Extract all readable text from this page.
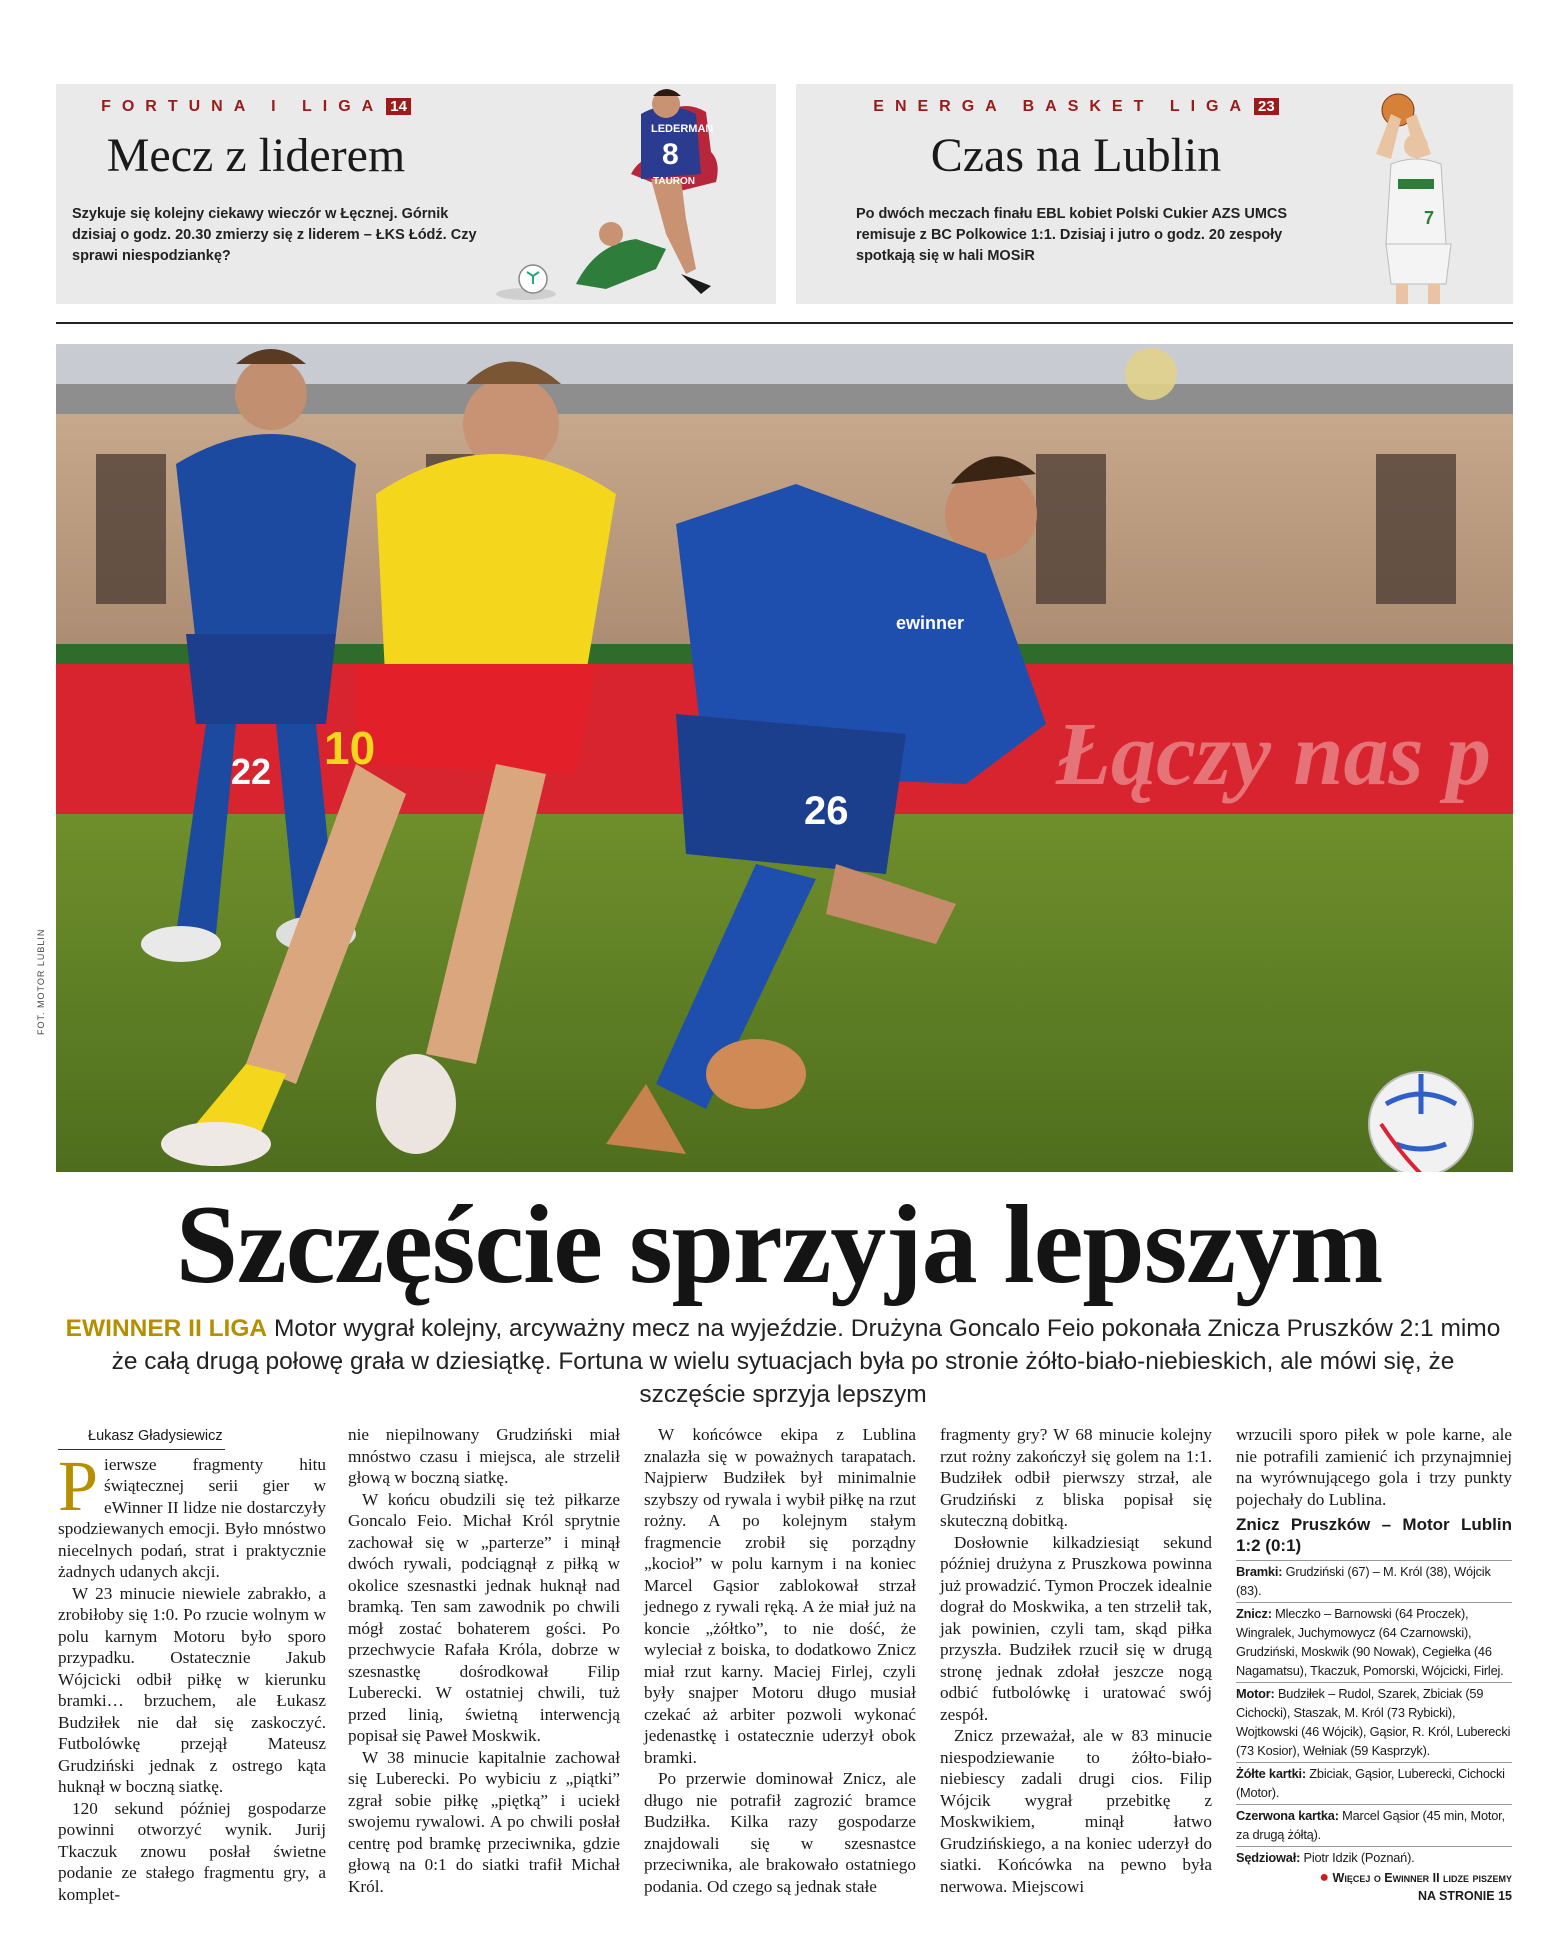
FORTUNA I LIGA 14
Mecz z liderem
Szykuje się kolejny ciekawy wieczór w Łęcznej. Górnik dzisiaj o godz. 20.30 zmierzy się z liderem – ŁKS Łódź. Czy sprawi niespodziankę?
LEDERMAN
8
TAURON
ENERGA BASKET LIGA 23
Czas na Lublin
Po dwóch meczach finału EBL kobiet Polski Cukier AZS UMCS remisuje z BC Polkowice 1:1. Dzisiaj i jutro o godz. 20 zespoły spotkają się w hali MOSiR
7
Łączy nas p
22 10
26
ewinner
FOT. MOTOR LUBLIN
Szczęście sprzyja lepszym
EWINNER II LIGA Motor wygrał kolejny, arcyważny mecz na wyjeździe. Drużyna Goncalo Feio pokonała Znicza Pruszków 2:1 mimo że całą drugą połowę grała w dziesiątkę. Fortuna w wielu sytuacjach była po stronie żółto-biało-niebieskich, ale mówi się, że szczęście sprzyja lepszym
Łukasz Gładysiewicz

Pierwsze fragmenty hitu świątecznej serii gier w eWinner II lidze nie dostarczyły spodziewanych emocji. Było mnóstwo niecelnych podań, strat i praktycznie żadnych udanych akcji.

W 23 minucie niewiele zabrakło, a zrobiłoby się 1:0. Po rzucie wolnym w polu karnym Motoru było sporo przypadku. Ostatecznie Jakub Wójcicki odbił piłkę w kierunku bramki… brzuchem, ale Łukasz Budziłek nie dał się zaskoczyć. Futbolówkę przejął Mateusz Grudziński jednak z ostrego kąta huknął w boczną siatkę.

120 sekund później gospodarze powinni otworzyć wynik. Jurij Tkaczuk znowu posłał świetne podanie ze stałego fragmentu gry, a komplet-

nie niepilnowany Grudziński miał mnóstwo czasu i miejsca, ale strzelił głową w boczną siatkę.

W końcu obudzili się też piłkarze Goncalo Feio. Michał Król sprytnie zachował się w „parterze” i minął dwóch rywali, podciągnął z piłką w okolice szesnastki jednak huknął nad bramką. Ten sam zawodnik po chwili mógł zostać bohaterem gości. Po przechwycie Rafała Króla, dobrze w szesnastkę dośrodkował Filip Luberecki. W ostatniej chwili, tuż przed linią, świetną interwencją popisał się Paweł Moskwik.

W 38 minucie kapitalnie zachował się Luberecki. Po wybiciu z „piątki” zgrał sobie piłkę „piętką” i uciekł swojemu rywalowi. A po chwili posłał centrę pod bramkę przeciwnika, gdzie głową na 0:1 do siatki trafił Michał Król.

W końcówce ekipa z Lublina znalazła się w poważnych tarapatach. Najpierw Budziłek był minimalnie szybszy od rywala i wybił piłkę na rzut rożny. A po kolejnym stałym fragmencie zrobił się porządny „kocioł” w polu karnym i na koniec Marcel Gąsior zablokował strzał jednego z rywali ręką. A że miał już na koncie „żółtko”, to nie dość, że wyleciał z boiska, to dodatkowo Znicz miał rzut karny. Maciej Firlej, czyli były snajper Motoru długo musiał czekać aż arbiter pozwoli wykonać jedenastkę i ostatecznie uderzył obok bramki.

Po przerwie dominował Znicz, ale długo nie potrafił zagrozić bramce Budziłka. Kilka razy gospodarze znajdowali się w szesnastce przeciwnika, ale brakowało ostatniego podania. Od czego są jednak stałe

fragmenty gry? W 68 minucie kolejny rzut rożny zakończył się golem na 1:1. Budziłek odbił pierwszy strzał, ale Grudziński z bliska popisał się skuteczną dobitką.

Dosłownie kilkadziesiąt sekund później drużyna z Pruszkowa powinna już prowadzić. Tymon Proczek idealnie dograł do Moskwika, a ten strzelił tak, jak powinien, czyli tam, skąd piłka przyszła. Budziłek rzucił się w drugą stronę jednak zdołał jeszcze nogą odbić futbolówkę i uratować swój zespół.

Znicz przeważał, ale w 83 minucie niespodziewanie to żółto-biało-niebiescy zadali drugi cios. Filip Wójcik wygrał przebitkę z Moskwikiem, minął łatwo Grudzińskiego, a na koniec uderzył do siatki. Końcówka na pewno była nerwowa. Miejscowi

wrzucili sporo piłek w pole karne, ale nie potrafili zamienić ich przynajmniej na wyrównującego gola i trzy punkty pojechały do Lublina.

Znicz Pruszków – Motor Lublin 1:2 (0:1)
Bramki: Grudziński (67) – M. Król (38), Wójcik (83).
Znicz: Mleczko – Barnowski (64 Proczek), Wingralek, Juchymowycz (64 Czarnowski), Grudziński, Moskwik (90 Nowak), Cegiełka (46 Nagamatsu), Tkaczuk, Pomorski, Wójcicki, Firlej.
Motor: Budziłek – Rudol, Szarek, Zbiciak (59 Cichocki), Staszak, M. Król (73 Rybicki), Wojtkowski (46 Wójcik), Gąsior, R. Król, Luberecki (73 Kosior), Wełniak (59 Kasprzyk).
Żółte kartki: Zbiciak, Gąsior, Luberecki, Cichocki (Motor).
Czerwona kartka: Marcel Gąsior (45 min, Motor, za drugą żółtą).
Sędziował: Piotr Idzik (Poznań).
● Więcej o Ewinner II lidze piszemy
NA STRONIE 15
